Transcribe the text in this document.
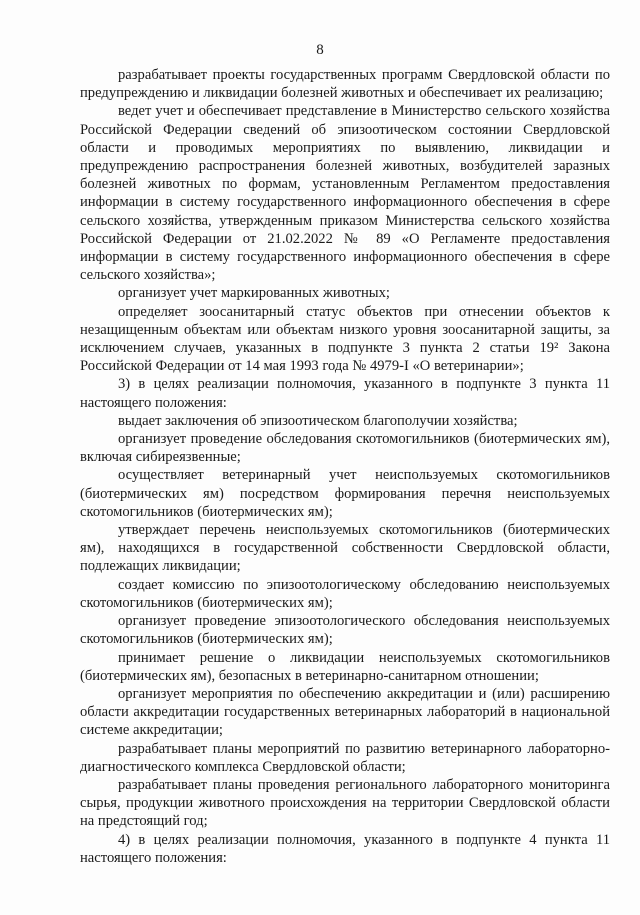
8

разрабатывает проекты государственных программ Свердловской области по предупреждению и ликвидации болезней животных и обеспечивает их реализацию;

ведет учет и обеспечивает представление в Министерство сельского хозяйства Российской Федерации сведений об эпизоотическом состоянии Свердловской области и проводимых мероприятиях по выявлению, ликвидации и предупреждению распространения болезней животных, возбудителей заразных болезней животных по формам, установленным Регламентом предоставления информации в систему государственного информационного обеспечения в сфере сельского хозяйства, утвержденным приказом Министерства сельского хозяйства Российской Федерации от 21.02.2022 № 89 «О Регламенте предоставления информации в систему государственного информационного обеспечения в сфере сельского хозяйства»;

организует учет маркированных животных;

определяет зоосанитарный статус объектов при отнесении объектов к незащищенным объектам или объектам низкого уровня зоосанитарной защиты, за исключением случаев, указанных в подпункте 3 пункта 2 статьи 19² Закона Российской Федерации от 14 мая 1993 года № 4979-I «О ветеринарии»;

3) в целях реализации полномочия, указанного в подпункте 3 пункта 11 настоящего положения:

выдает заключения об эпизоотическом благополучии хозяйства;

организует проведение обследования скотомогильников (биотермических ям), включая сибиреязвенные;

осуществляет ветеринарный учет неиспользуемых скотомогильников (биотермических ям) посредством формирования перечня неиспользуемых скотомогильников (биотермических ям);

утверждает перечень неиспользуемых скотомогильников (биотермических ям), находящихся в государственной собственности Свердловской области, подлежащих ликвидации;

создает комиссию по эпизоотологическому обследованию неиспользуемых скотомогильников (биотермических ям);

организует проведение эпизоотологического обследования неиспользуемых скотомогильников (биотермических ям);

принимает решение о ликвидации неиспользуемых скотомогильников (биотермических ям), безопасных в ветеринарно-санитарном отношении;

организует мероприятия по обеспечению аккредитации и (или) расширению области аккредитации государственных ветеринарных лабораторий в национальной системе аккредитации;

разрабатывает планы мероприятий по развитию ветеринарного лабораторно-диагностического комплекса Свердловской области;

разрабатывает планы проведения регионального лабораторного мониторинга сырья, продукции животного происхождения на территории Свердловской области на предстоящий год;

4) в целях реализации полномочия, указанного в подпункте 4 пункта 11 настоящего положения:
